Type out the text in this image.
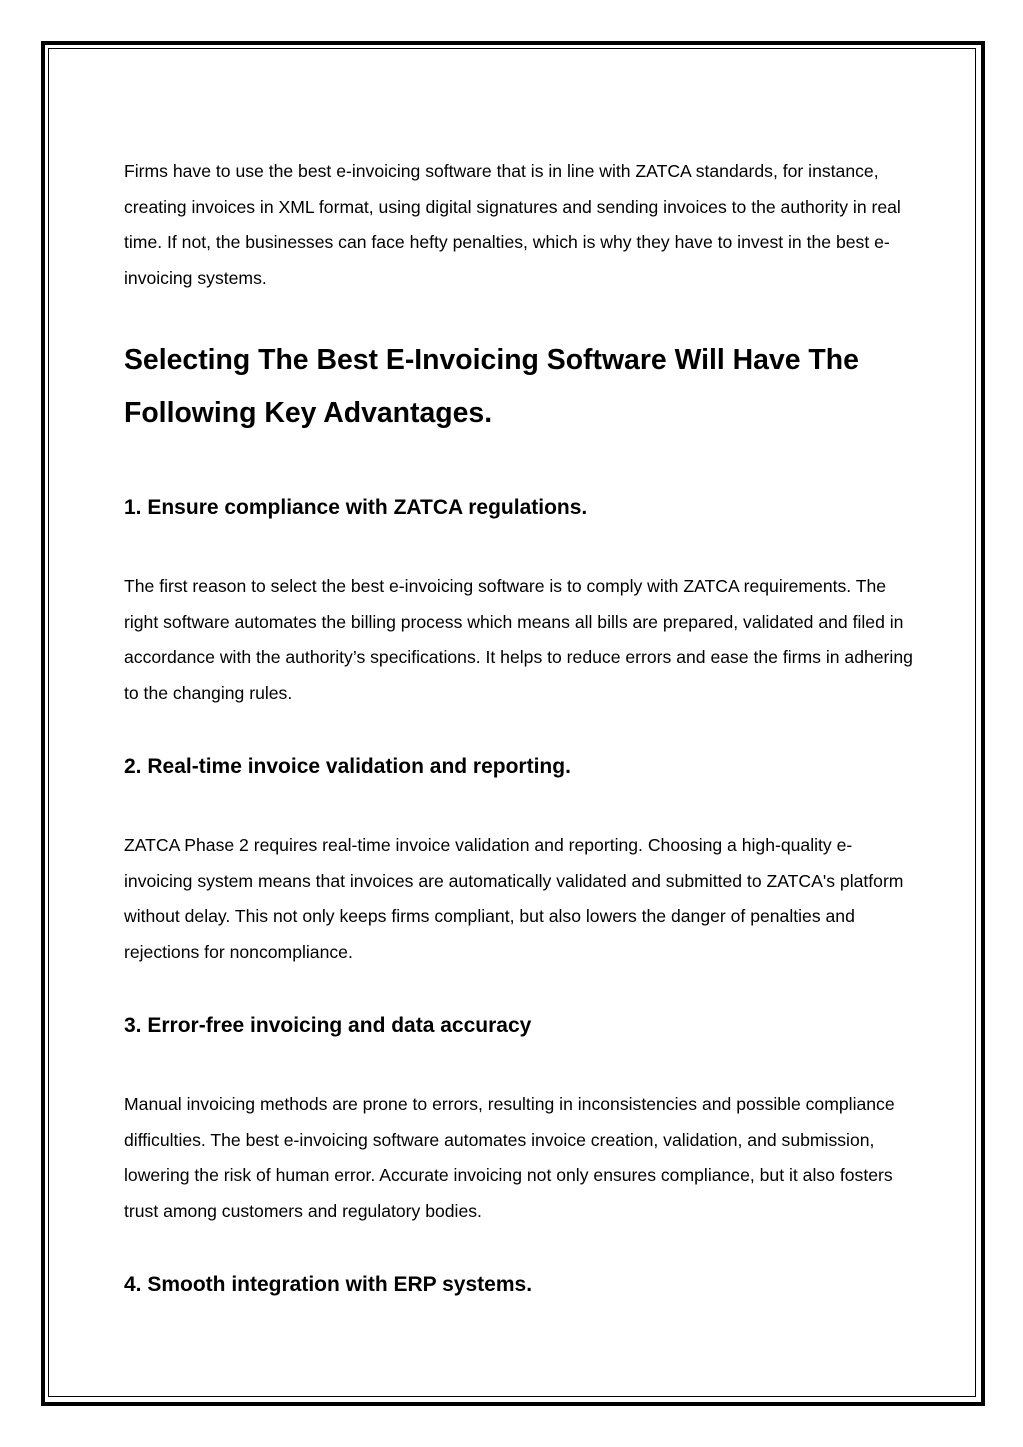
Firms have to use the best e-invoicing software that is in line with ZATCA standards, for instance, creating invoices in XML format, using digital signatures and sending invoices to the authority in real time. If not, the businesses can face hefty penalties, which is why they have to invest in the best e-invoicing systems.

Selecting The Best E-Invoicing Software Will Have The Following Key Advantages.
1. Ensure compliance with ZATCA regulations.

The first reason to select the best e-invoicing software is to comply with ZATCA requirements. The right software automates the billing process which means all bills are prepared, validated and filed in accordance with the authority’s specifications. It helps to reduce errors and ease the firms in adhering to the changing rules.

2. Real-time invoice validation and reporting.

ZATCA Phase 2 requires real-time invoice validation and reporting. Choosing a high-quality e-invoicing system means that invoices are automatically validated and submitted to ZATCA's platform without delay. This not only keeps firms compliant, but also lowers the danger of penalties and rejections for noncompliance.

3. Error-free invoicing and data accuracy

Manual invoicing methods are prone to errors, resulting in inconsistencies and possible compliance difficulties. The best e-invoicing software automates invoice creation, validation, and submission, lowering the risk of human error. Accurate invoicing not only ensures compliance, but it also fosters trust among customers and regulatory bodies.

4. Smooth integration with ERP systems.
